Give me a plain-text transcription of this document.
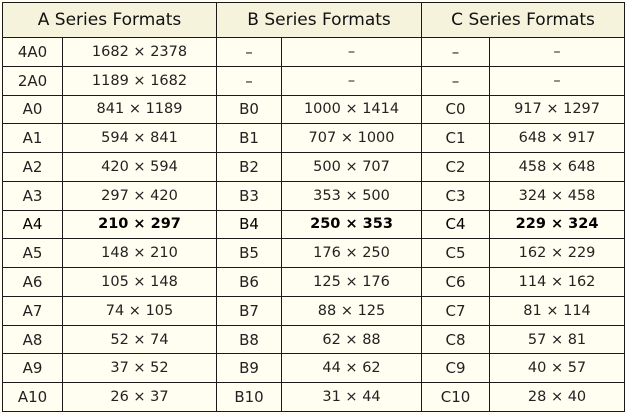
A Series Formats		B Series Formats		C Series Formats	
4A0	1682 × 2378	–	–	–	–
2A0	1189 × 1682	–	–	–	–
A0	841 × 1189	B0	1000 × 1414	C0	917 × 1297
A1	594 × 841	B1	707 × 1000	C1	648 × 917
A2	420 × 594	B2	500 × 707	C2	458 × 648
A3	297 × 420	B3	353 × 500	C3	324 × 458
A4	210 × 297	B4	250 × 353	C4	229 × 324
A5	148 × 210	B5	176 × 250	C5	162 × 229
A6	105 × 148	B6	125 × 176	C6	114 × 162
A7	74 × 105	B7	88 × 125	C7	81 × 114
A8	52 × 74	B8	62 × 88	C8	57 × 81
A9	37 × 52	B9	44 × 62	C9	40 × 57
A10	26 × 37	B10	31 × 44	C10	28 × 40
